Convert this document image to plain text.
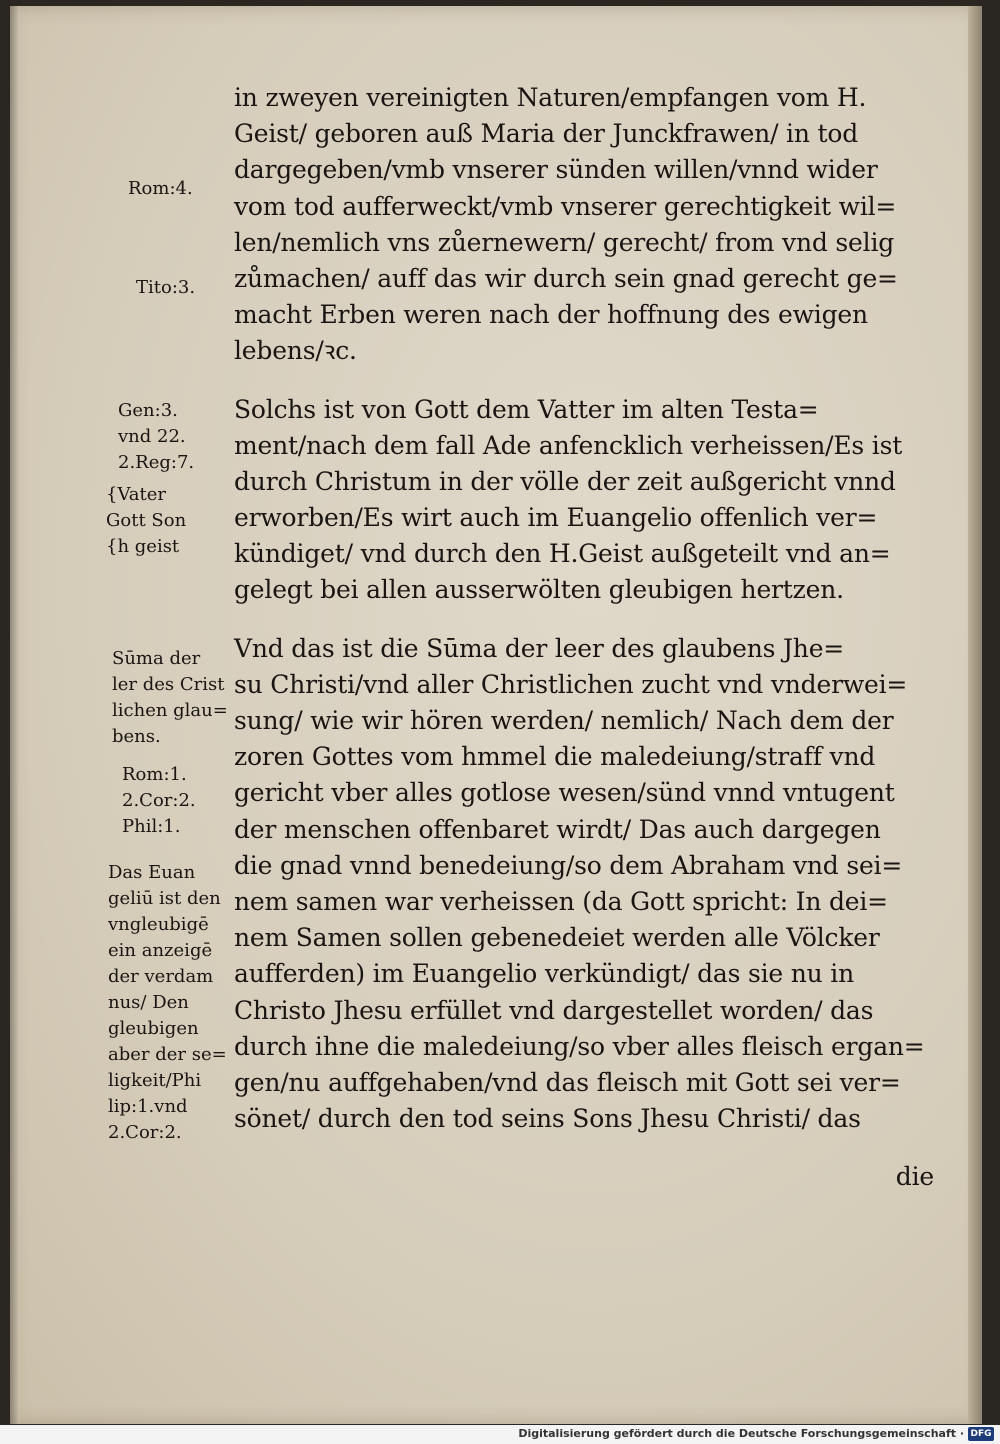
in zweyen vereinigten Naturen/empfangen vom H.
Geist/ geboren auß Maria der Junckfrawen/ in tod
dargegeben/vmb vnserer sünden willen/vnnd wider
vom tod aufferweckt/vmb vnserer gerechtigkeit wil=
len/nemlich vns zůernewern/ gerecht/ from vnd selig
zůmachen/ auff das wir durch sein gnad gerecht ge=
macht Erben weren nach der hoffnung des ewigen
lebens/ꝛc.
Solchs ist von Gott dem Vatter im alten Testa=
ment/nach dem fall Ade anfencklich verheissen/Es ist
durch Christum in der völle der zeit außgericht vnnd
erworben/Es wirt auch im Euangelio offenlich ver=
kündiget/ vnd durch den H.Geist außgeteilt vnd an=
gelegt bei allen ausserwölten gleubigen hertzen.
Vnd das ist die Sūma der leer des glaubens Jhe=
su Christi/vnd aller Christlichen zucht vnd vnderwei=
sung/ wie wir hören werden/ nemlich/ Nach dem der
zoren Gottes vom hmmel die maledeiung/straff vnd
gericht vber alles gotlose wesen/sünd vnnd vntugent
der menschen offenbaret wirdt/ Das auch dargegen
die gnad vnnd benedeiung/so dem Abraham vnd sei=
nem samen war verheissen (da Gott spricht: In dei=
nem Samen sollen gebenedeiet werden alle Völcker
aufferden) im Euangelio verkündigt/ das sie nu in
Christo Jhesu erfüllet vnd dargestellet worden/ das
durch ihne die maledeiung/so vber alles fleisch ergan=
gen/nu auffgehaben/vnd das fleisch mit Gott sei ver=
sönet/ durch den tod seins Sons Jhesu Christi/ das
die
Rom:4.
Tito:3.
Gen:3.
vnd 22.
2.Reg:7.
{Vater
Gott Son
{h geist
Sūma der
ler des Crist
lichen glau=
bens.
Rom:1.
2.Cor:2.
Phil:1.
Das Euan
geliū ist den
vngleubigē
ein anzeigē
der verdam
nus/ Den
gleubigen
aber der se=
ligkeit/Phi
lip:1.vnd
2.Cor:2.
Digitalisierung gefördert durch die Deutsche Forschungsgemeinschaft · DFG
